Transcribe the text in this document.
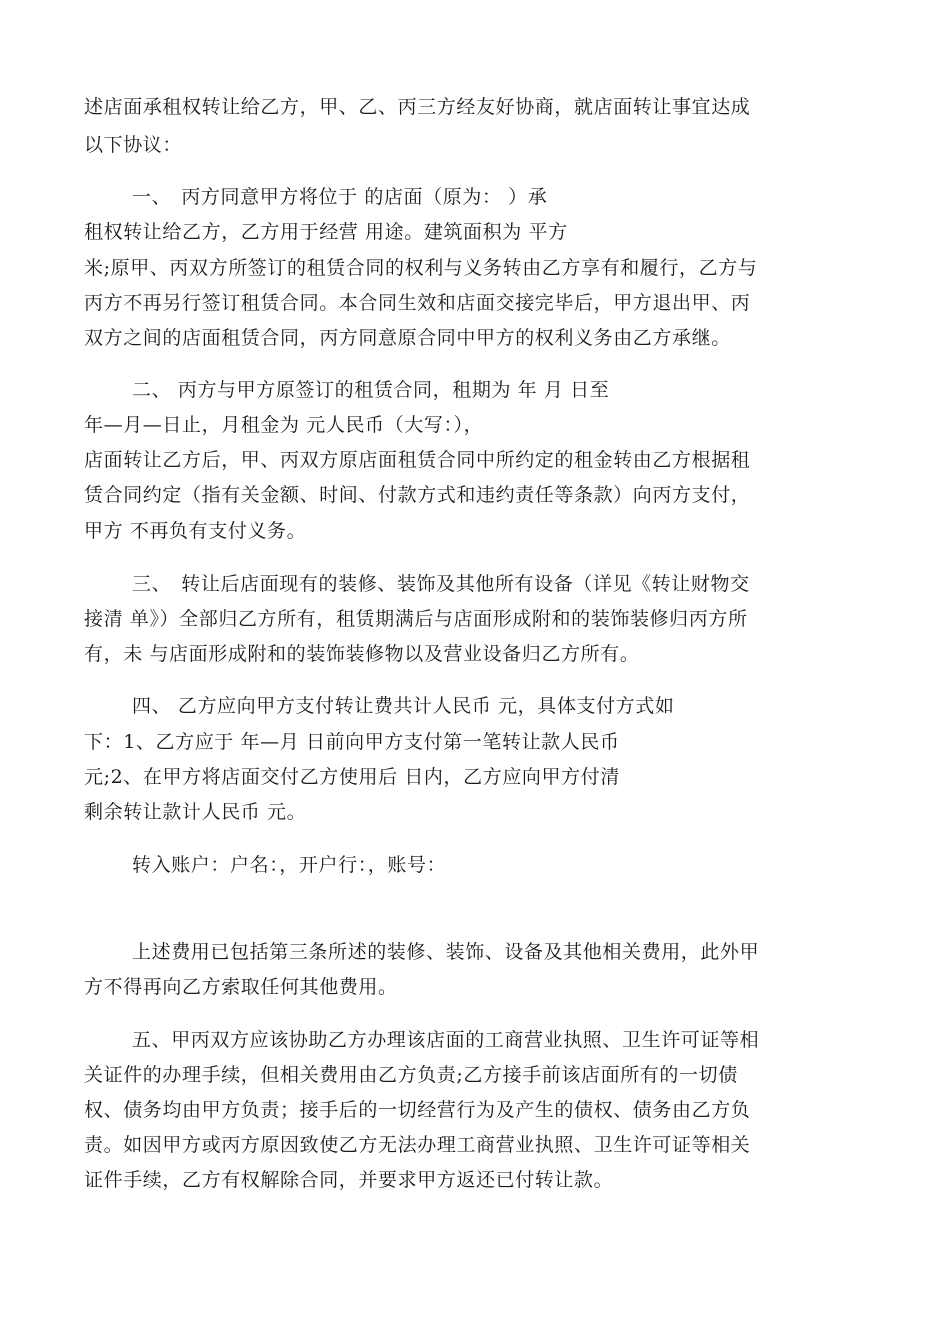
述店面承租权转让给乙方，甲、乙、丙三方经友好协商，就店面转让事宜达成
以下协议：
一、　丙方同意甲方将位于 的店面（原为： ）承
租权转让给乙方，乙方用于经营 用途。建筑面积为 平方
米;原甲、丙双方所签订的租赁合同的权利与义务转由乙方享有和履行，乙方与
丙方不再另行签订租赁合同。本合同生效和店面交接完毕后，甲方退出甲、丙
双方之间的店面租赁合同，丙方同意原合同中甲方的权利义务由乙方承继。
二、 丙方与甲方原签订的租赁合同，租期为 年 月 日至
年—月—日止，月租金为 元人民币（大写：），
店面转让乙方后，甲、丙双方原店面租赁合同中所约定的租金转由乙方根据租
赁合同约定（指有关金额、时间、付款方式和违约责任等条款）向丙方支付，
甲方 不再负有支付义务。
三、　转让后店面现有的装修、装饰及其他所有设备（详见《转让财物交
接清 单》）全部归乙方所有，租赁期满后与店面形成附和的装饰装修归丙方所
有，未 与店面形成附和的装饰装修物以及营业设备归乙方所有。
四、 乙方应向甲方支付转让费共计人民币 元，具体支付方式如
下：1、乙方应于 年—月 日前向甲方支付第一笔转让款人民币
元;2、在甲方将店面交付乙方使用后 日内，乙方应向甲方付清
剩余转让款计人民币 元。
转入账户：户名：，开户行：，账号：
上述费用已包括第三条所述的装修、装饰、设备及其他相关费用，此外甲
方不得再向乙方索取任何其他费用。
五、甲丙双方应该协助乙方办理该店面的工商营业执照、卫生许可证等相
关证件的办理手续，但相关费用由乙方负责;乙方接手前该店面所有的一切债
权、债务均由甲方负责；接手后的一切经营行为及产生的债权、债务由乙方负
责。如因甲方或丙方原因致使乙方无法办理工商营业执照、卫生许可证等相关
证件手续，乙方有权解除合同，并要求甲方返还已付转让款。
